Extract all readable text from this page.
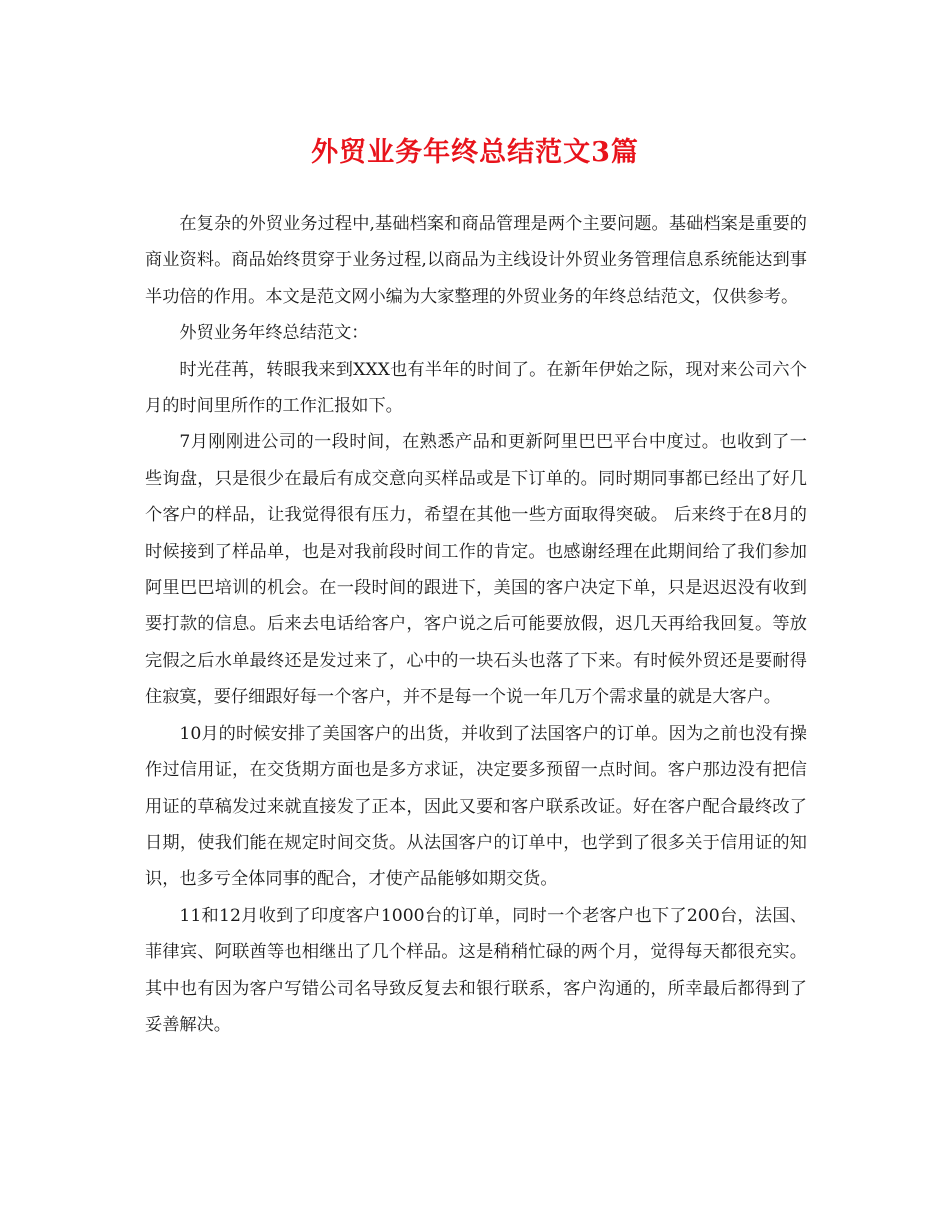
外贸业务年终总结范文3篇

在复杂的外贸业务过程中,基础档案和商品管理是两个主要问题。基础档案是重要的商业资料。商品始终贯穿于业务过程,以商品为主线设计外贸业务管理信息系统能达到事半功倍的作用。本文是范文网小编为大家整理的外贸业务的年终总结范文，仅供参考。

外贸业务年终总结范文：

时光荏苒，转眼我来到XXX也有半年的时间了。在新年伊始之际，现对来公司六个月的时间里所作的工作汇报如下。

7月刚刚进公司的一段时间，在熟悉产品和更新阿里巴巴平台中度过。也收到了一些询盘，只是很少在最后有成交意向买样品或是下订单的。同时期同事都已经出了好几个客户的样品，让我觉得很有压力，希望在其他一些方面取得突破。 后来终于在8月的时候接到了样品单，也是对我前段时间工作的肯定。也感谢经理在此期间给了我们参加阿里巴巴培训的机会。在一段时间的跟进下，美国的客户决定下单，只是迟迟没有收到要打款的信息。后来去电话给客户，客户说之后可能要放假，迟几天再给我回复。等放完假之后水单最终还是发过来了，心中的一块石头也落了下来。有时候外贸还是要耐得住寂寞，要仔细跟好每一个客户，并不是每一个说一年几万个需求量的就是大客户。

10月的时候安排了美国客户的出货，并收到了法国客户的订单。因为之前也没有操作过信用证，在交货期方面也是多方求证，决定要多预留一点时间。客户那边没有把信用证的草稿发过来就直接发了正本，因此又要和客户联系改证。好在客户配合最终改了日期，使我们能在规定时间交货。从法国客户的订单中，也学到了很多关于信用证的知识，也多亏全体同事的配合，才使产品能够如期交货。

11和12月收到了印度客户1000台的订单，同时一个老客户也下了200台，法国、菲律宾、阿联酋等也相继出了几个样品。这是稍稍忙碌的两个月，觉得每天都很充实。其中也有因为客户写错公司名导致反复去和银行联系，客户沟通的，所幸最后都得到了妥善解决。
